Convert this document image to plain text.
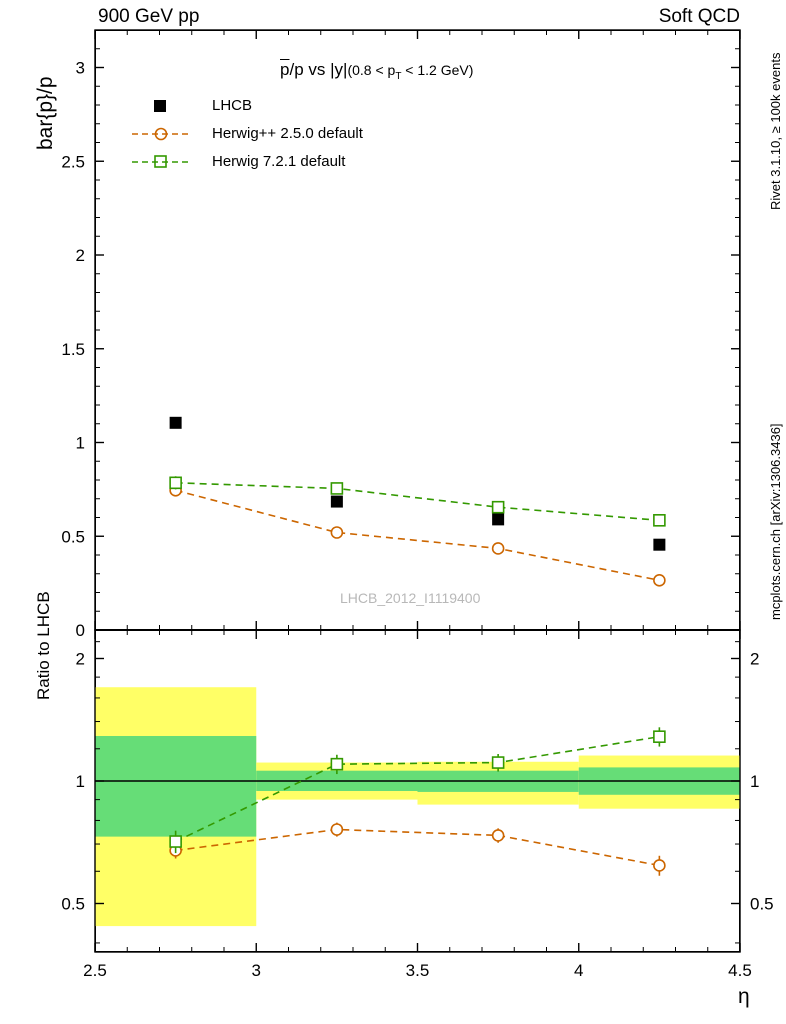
900 GeV pp	Soft QCD
Rivet 3.1.10, ≥ 100k events
mcplots.cern.ch [arXiv:1306.3436]
bar{p}/p
$\overline{p}/p$ vs $|y|(0.8 < p_T < 1.2$ GeV)
LHCB
Herwig++ 2.5.0 default
Herwig 7.2.1 default
LHCB_2012_I1119400
Ratio to LHCB
η
0
0.5
1
1.5
2
2.5
3
0.5	0.5
1	1
2	2
2.5	3	3.5	4	4.5
